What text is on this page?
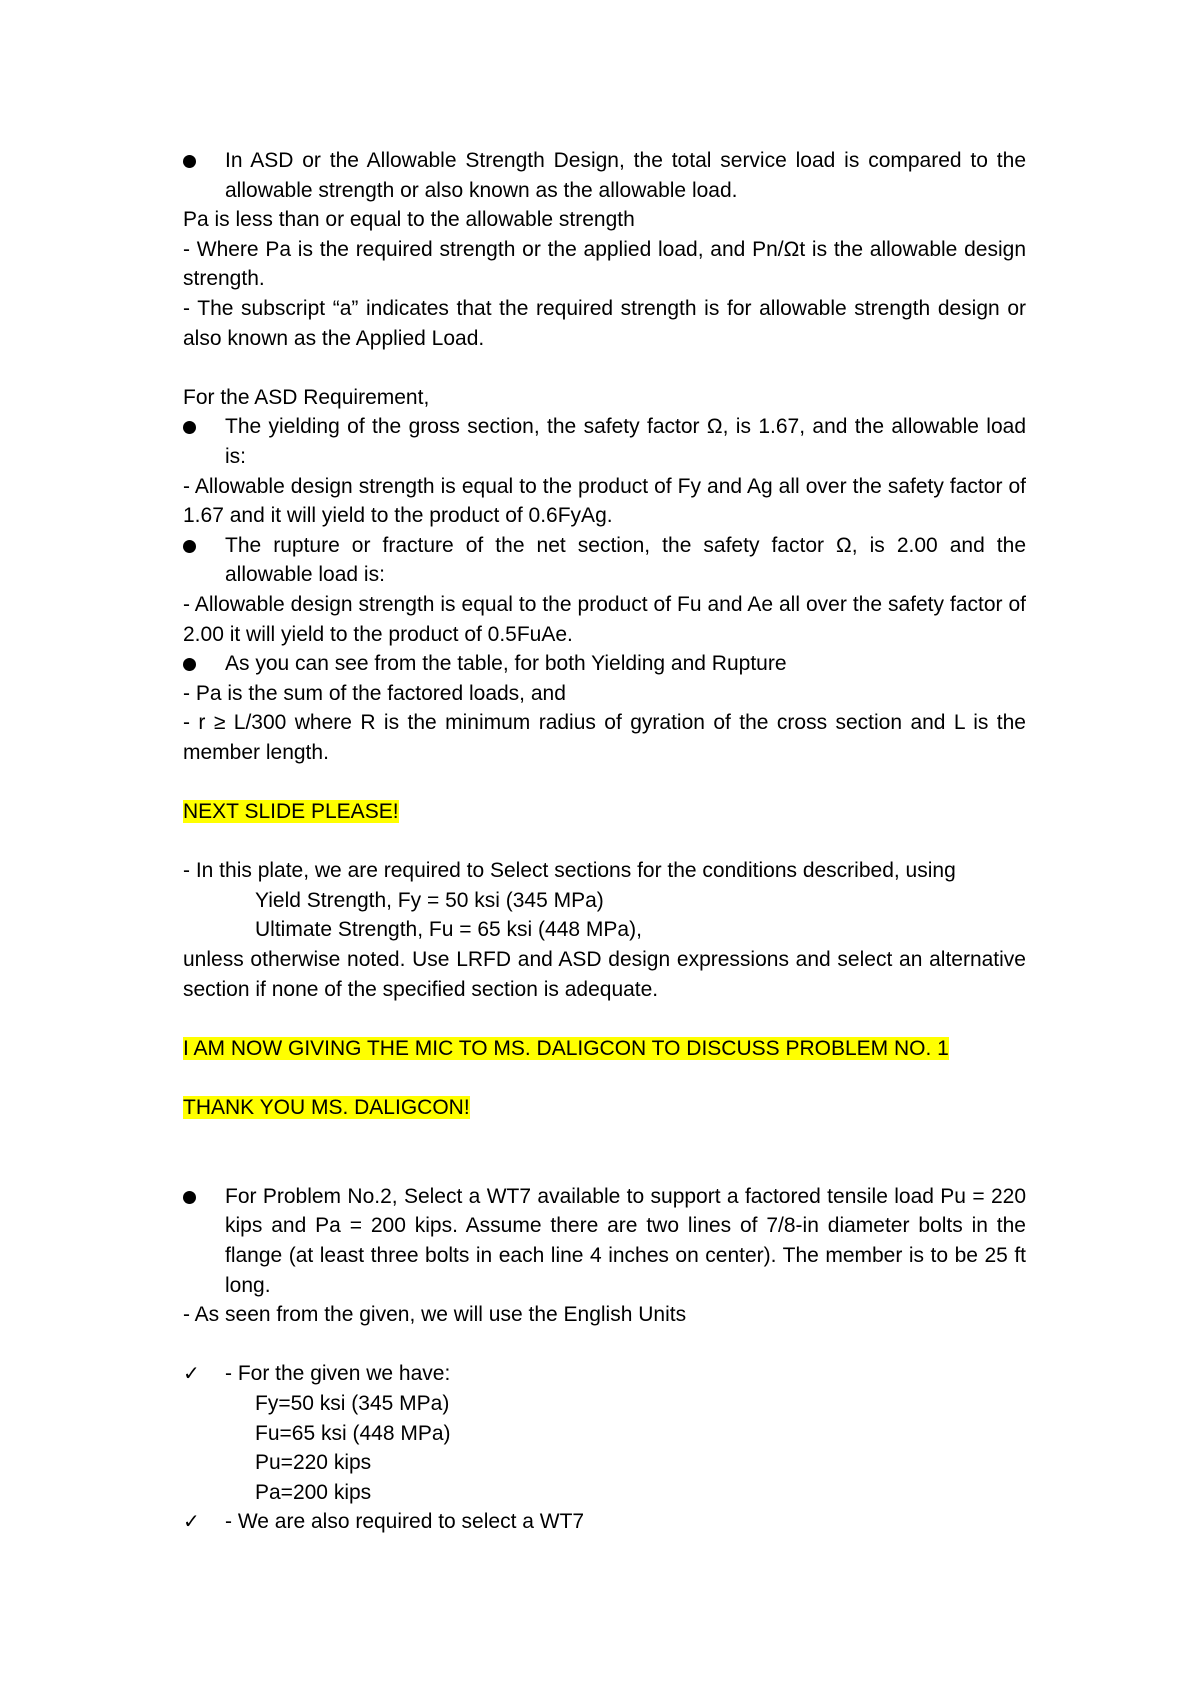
In ASD or the Allowable Strength Design, the total service load is compared to the allowable strength or also known as the allowable load.

Pa is less than or equal to the allowable strength

- Where Pa is the required strength or the applied load, and Pn/Ωt is the allowable design strength.

- The subscript “a” indicates that the required strength is for allowable strength design or also known as the Applied Load.

For the ASD Requirement,

The yielding of the gross section, the safety factor Ω, is 1.67, and the allowable load is:

- Allowable design strength is equal to the product of Fy and Ag all over the safety factor of 1.67 and it will yield to the product of 0.6FyAg.

The rupture or fracture of the net section, the safety factor Ω, is 2.00 and the allowable load is:

- Allowable design strength is equal to the product of Fu and Ae all over the safety factor of 2.00 it will yield to the product of 0.5FuAe.

As you can see from the table, for both Yielding and Rupture

- Pa is the sum of the factored loads, and

- r ≥ L/300 where R is the minimum radius of gyration of the cross section and L is the member length.

NEXT SLIDE PLEASE!

- In this plate, we are required to Select sections for the conditions described, using

Yield Strength, Fy = 50 ksi (345 MPa)

Ultimate Strength, Fu = 65 ksi (448 MPa),

unless otherwise noted. Use LRFD and ASD design expressions and select an alternative section if none of the specified section is adequate.

I AM NOW GIVING THE MIC TO MS. DALIGCON TO DISCUSS PROBLEM NO. 1

THANK YOU MS. DALIGCON!

For Problem No.2, Select a WT7 available to support a factored tensile load Pu = 220 kips and Pa = 200 kips. Assume there are two lines of 7/8-in diameter bolts in the flange (at least three bolts in each line 4 inches on center). The member is to be 25 ft long.

- As seen from the given, we will use the English Units

✓ - For the given we have:

Fy=50 ksi (345 MPa)

Fu=65 ksi (448 MPa)

Pu=220 kips

Pa=200 kips

✓ - We are also required to select a WT7
